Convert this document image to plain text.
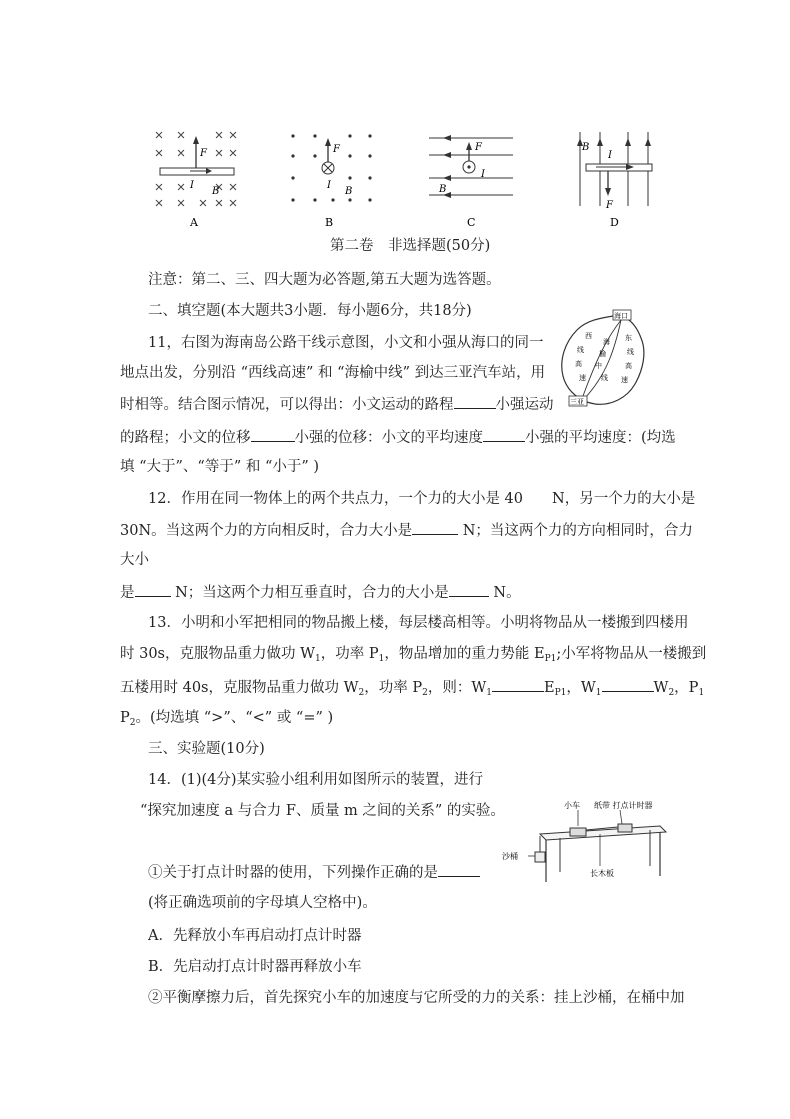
F
I
B
A
F
I
B
B
F
I
B
C
B
I
F
D
第二卷　非选择题(50分)
注意：第二、三、四大题为必答题,第五大题为选答题。
二、填空题(本大题共3小题．每小题6分，共18分)
11，右图为海南岛公路干线示意图，小文和小强从海口的同一
地点出发，分别沿 “西线高速” 和 “海榆中线” 到达三亚汽车站，用
时相等。结合图示情况，可以得出：小文运动的路程	小强运动
的路程；小文的位移	小强的位移：小文的平均速度	小强的平均速度：(均选
填 “大于”、“等于” 和 “小于” )
海口
西
线
高
速
海
榆
中
线
东
线
高
速
三亚
12．作用在同一物体上的两个共点力，一个力的大小是 40　　N，另一个力的大小是
30N。当这两个力的方向相反时，合力大小是	N；当这两个力的方向相同时，合力
大小
是 N；当这两个力相互垂直时，合力的大小是	N。
13．小明和小军把相同的物品搬上楼，每层楼高相等。小明将物品从一楼搬到四楼用
时 30s，克服物品重力做功 $W_1$，功率 $P_1$，物品增加的重力势能 $E_{P1}$;小军将物品从一楼搬到
五楼用时 40s，克服物品重力做功 $W_2$，功率 $P_2$，则：$W_1$	$E_{P1}$，$W_1$	$W_2$，$P_1$
$P_2$。(均选填 “>”、“<” 或 “=” )
三、实验题(10分)
14．(1)(4分)某实验小组利用如图所示的装置，进行
“探究加速度 a 与合力 F、质量 m 之间的关系” 的实验。
①关于打点计时器的使用，下列操作正确的是
(将正确选项前的字母填人空格中)。
A．先释放小车再启动打点计时器
B．先启动打点计时器再释放小车
②平衡摩擦力后，首先探究小车的加速度与它所受的力的关系：挂上沙桶，在桶中加
小车 纸带 打点计时器
沙桶
长木板
